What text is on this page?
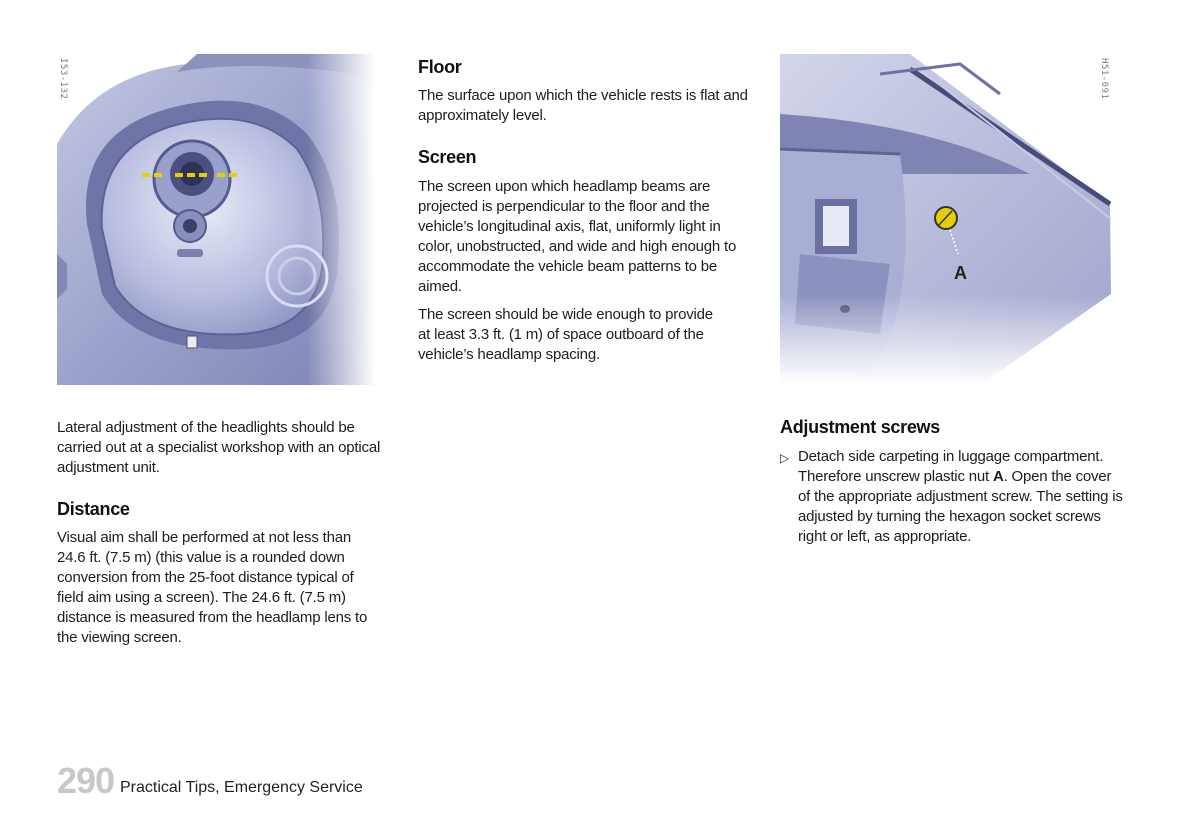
I53-132
A
H51-091
Floor

The surface upon which the vehicle rests is flat and approximately level.

Screen

The screen upon which headlamp beams are projected is perpendicular to the floor and the vehicle’s longitudinal axis, flat, uniformly light in color, unobstructed, and wide and high enough to accommodate the vehicle beam patterns to be aimed.

The screen should be wide enough to provide at least 3.3 ft. (1 m) of space outboard of the vehicle’s headlamp spacing.

Lateral adjustment of the headlights should be carried out at a specialist workshop with an optical adjustment unit.

Distance

Visual aim shall be performed at not less than 24.6 ft. (7.5 m) (this value is a rounded down conversion from the 25-foot distance typical of field aim using a screen). The 24.6 ft. (7.5 m) distance is measured from the headlamp lens to the viewing screen.

Adjustment screws
▷ Detach side carpeting in luggage compartment. Therefore unscrew plastic nut A. Open the cover of the appropriate adjustment screw. The setting is adjusted by turning the hexagon socket screws right or left, as appropriate.
290 Practical Tips, Emergency Service
